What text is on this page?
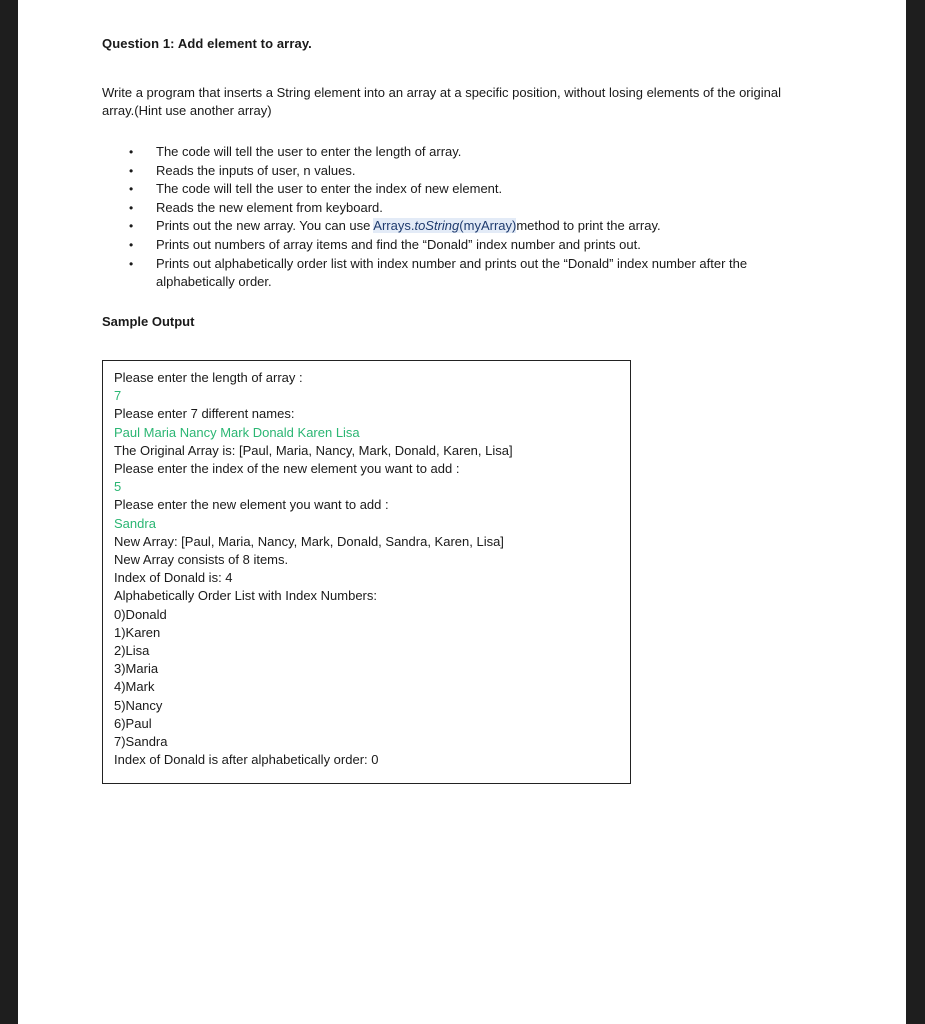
Question 1: Add element to array.
Write a program that inserts a String element into an array at a specific position, without losing elements of the original array.(Hint use another array)
• The code will tell the user to enter the length of array.
• Reads the inputs of user, n values.
• The code will tell the user to enter the index of new element.
• Reads the new element from keyboard.
• Prints out the new array. You can use Arrays.toString(myArray)method to print the array.
• Prints out numbers of array items and find the “Donald” index number and prints out.
• Prints out alphabetically order list with index number and prints out the “Donald” index number after the alphabetically order.
Sample Output
Please enter the length of array :
7
Please enter 7 different names:
Paul Maria Nancy Mark Donald Karen Lisa
The Original Array is: [Paul, Maria, Nancy, Mark, Donald, Karen, Lisa]
Please enter the index of the new element you want to add :
5
Please enter the new element you want to add :
Sandra
New Array: [Paul, Maria, Nancy, Mark, Donald, Sandra, Karen, Lisa]
New Array consists of 8 items.
Index of Donald is: 4
Alphabetically Order List with Index Numbers:
0)Donald
1)Karen
2)Lisa
3)Maria
4)Mark
5)Nancy
6)Paul
7)Sandra
Index of Donald is after alphabetically order: 0
